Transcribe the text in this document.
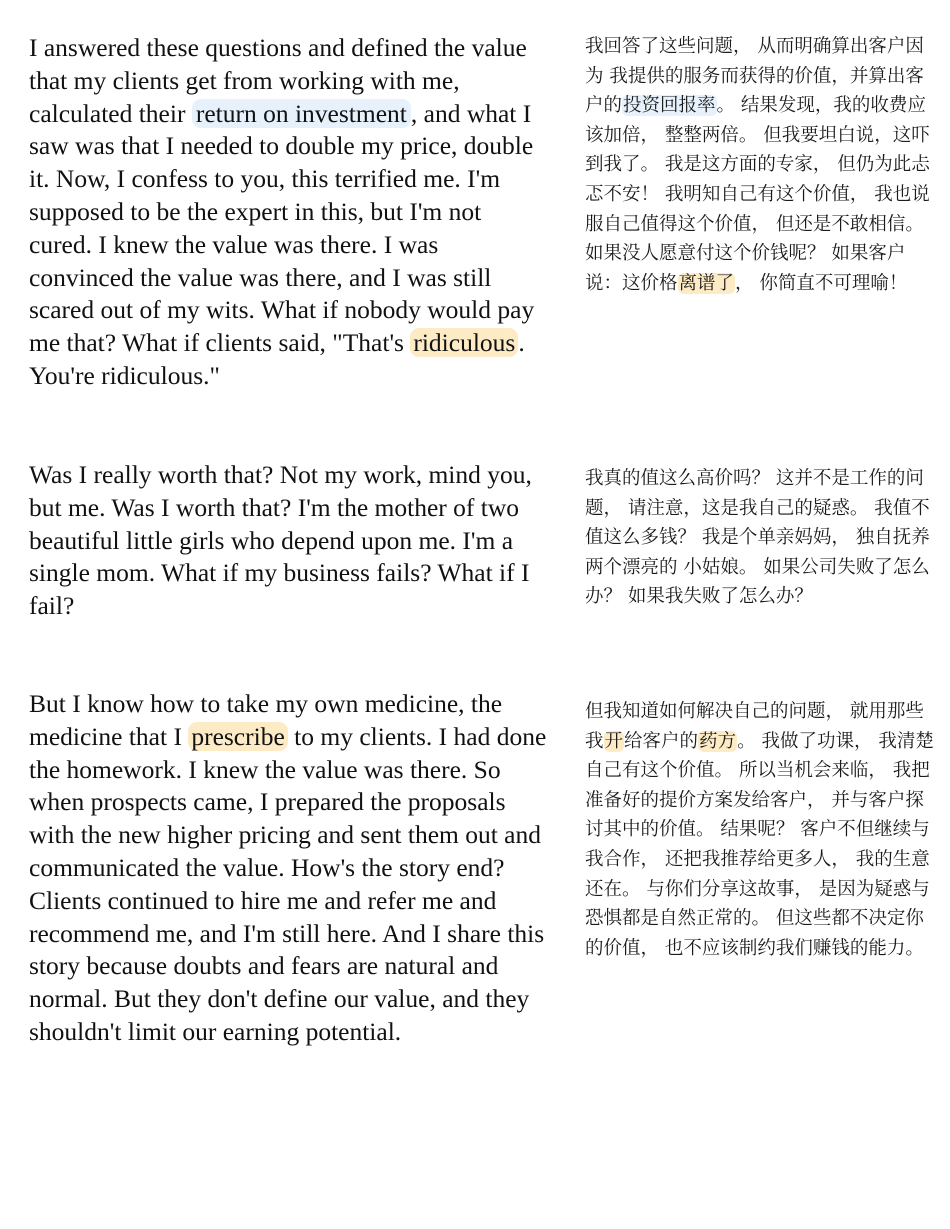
I answered these questions and defined the value that my clients get from working with me, calculated their return on investment , and what I saw was that I needed to double my price, double it. Now, I confess to you, this terrified me. I'm supposed to be the expert in this, but I'm not cured. I knew the value was there. I was convinced the value was there, and I was still scared out of my wits. What if nobody would pay me that? What if clients said, "That's ridiculous . You're ridiculous."

Was I really worth that? Not my work, mind you, but me. Was I worth that? I'm the mother of two beautiful little girls who depend upon me. I'm a single mom. What if my business fails? What if I fail?

But I know how to take my own medicine, the medicine that I prescribe to my clients. I had done the homework. I knew the value was there. So when prospects came, I prepared the proposals with the new higher pricing and sent them out and communicated the value. How's the story end? Clients continued to hire me and refer me and recommend me, and I'm still here. And I share this story because doubts and fears are natural and normal. But they don't define our value, and they shouldn't limit our earning potential.

我回答了这些问题， 从而明确算出客户因为 我提供的服务而获得的价值，并算出客户的投资回报率。 结果发现，我的收费应该加倍， 整整两倍。 但我要坦白说，这吓到我了。 我是这方面的专家， 但仍为此忐忑不安！ 我明知自己有这个价值， 我也说服自己值得这个价值， 但还是不敢相信。 如果没人愿意付这个价钱呢？ 如果客户说：这价格离谱了， 你简直不可理喻！

我真的值这么高价吗？ 这并不是工作的问题， 请注意，这是我自己的疑惑。 我值不值这么多钱？ 我是个单亲妈妈， 独自抚养两个漂亮的 小姑娘。 如果公司失败了怎么办？ 如果我失败了怎么办？

但我知道如何解决自己的问题， 就用那些我开给客户的药方。 我做了功课， 我清楚自己有这个价值。 所以当机会来临， 我把准备好的提价方案发给客户， 并与客户探讨其中的价值。 结果呢？ 客户不但继续与我合作， 还把我推荐给更多人， 我的生意还在。 与你们分享这故事， 是因为疑惑与恐惧都是自然正常的。 但这些都不决定你的价值， 也不应该制约我们赚钱的能力。
